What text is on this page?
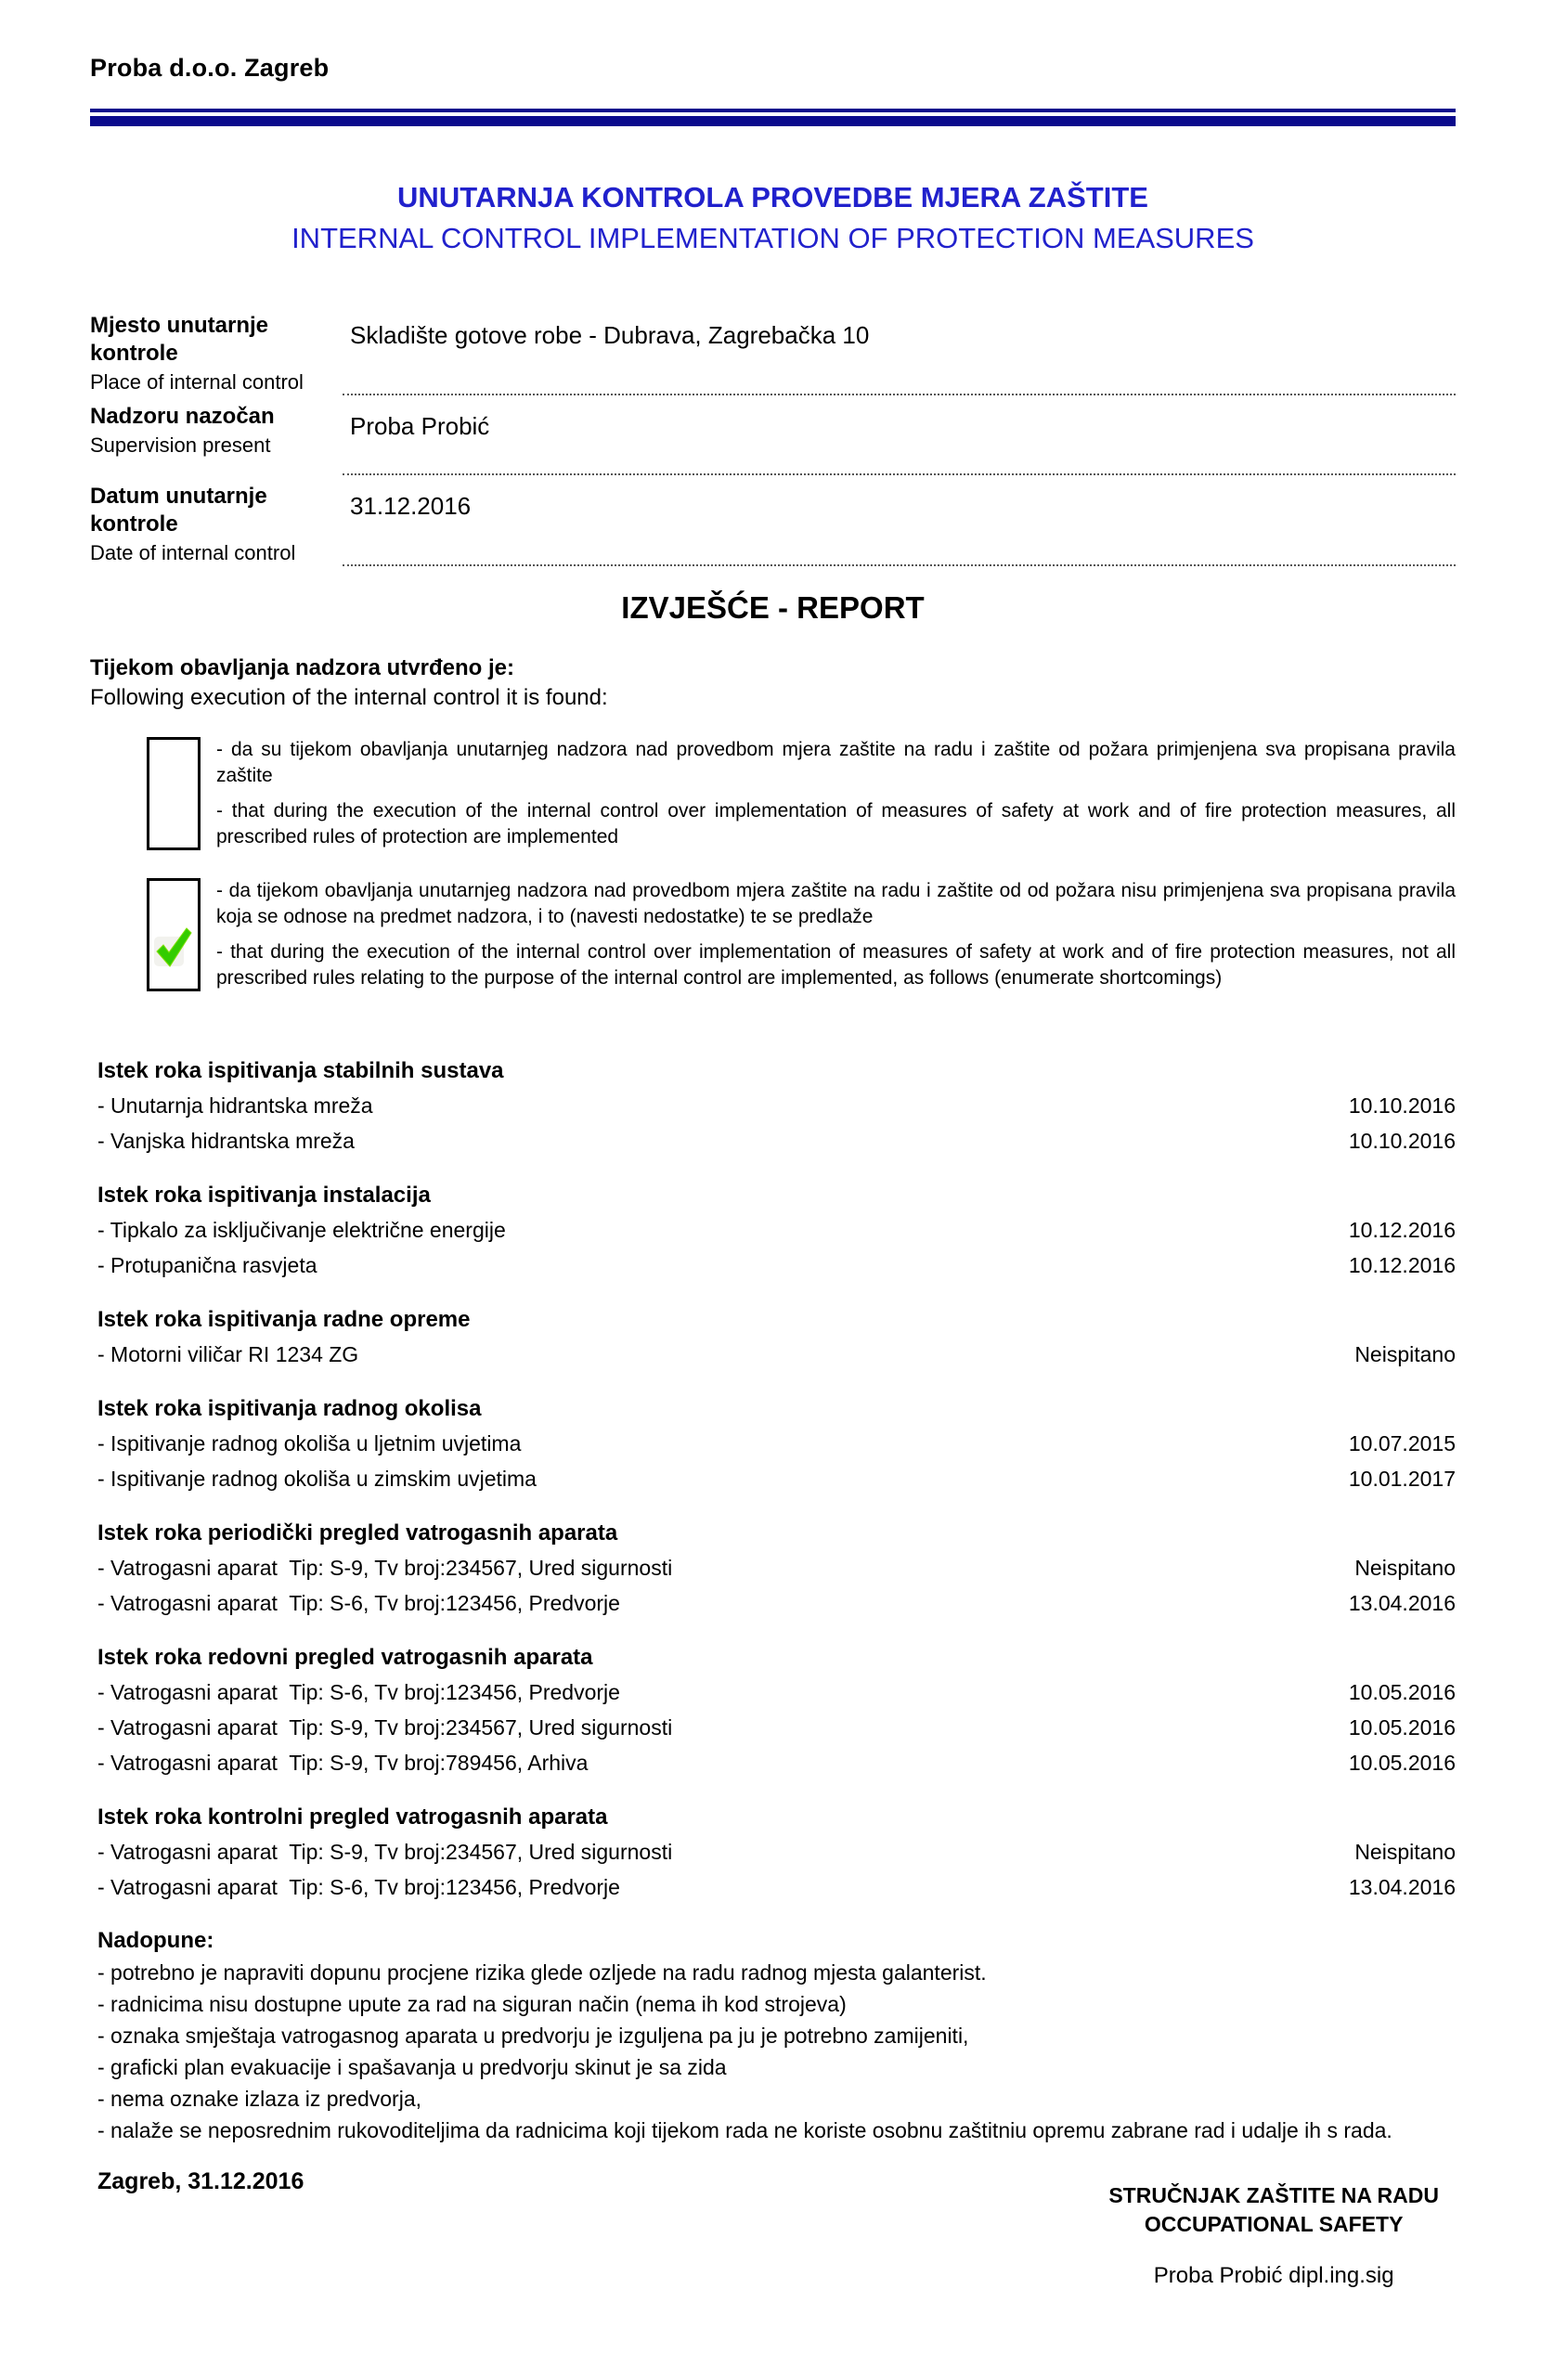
Proba d.o.o. Zagreb
UNUTARNJA KONTROLA PROVEDBE MJERA ZAŠTITE
INTERNAL CONTROL IMPLEMENTATION OF PROTECTION MEASURES
Mjesto unutarnje kontrole
Place of internal control
Skladište gotove robe - Dubrava, Zagrebačka 10
Nadzoru nazočan
Supervision present
Proba Probić
Datum unutarnje kontrole
Date of internal control
31.12.2016
IZVJEŠĆE - REPORT
Tijekom obavljanja nadzora utvrđeno je:
Following execution of the internal control it is found:

- da su tijekom obavljanja unutarnjeg nadzora nad provedbom mjera zaštite na radu i zaštite od požara primjenjena sva propisana pravila zaštite

- that during the execution of the internal control over implementation of measures of safety at work and of fire protection measures, all prescribed rules of protection are implemented

- da tijekom obavljanja unutarnjeg nadzora nad provedbom mjera zaštite na radu i zaštite od od požara nisu primjenjena sva propisana pravila koja se odnose na predmet nadzora, i to (navesti nedostatke) te se predlaže

- that during the execution of the internal control over implementation of measures of safety at work and of fire protection measures, not all prescribed rules relating to the purpose of the internal control are implemented, as follows (enumerate shortcomings)

Istek roka ispitivanja stabilnih sustava
- Unutarnja hidrantska mreža	10.10.2016
- Vanjska hidrantska mreža	10.10.2016
Istek roka ispitivanja instalacija
- Tipkalo za isključivanje električne energije	10.12.2016
- Protupanična rasvjeta	10.12.2016
Istek roka ispitivanja radne opreme
- Motorni viličar RI 1234 ZG	Neispitano
Istek roka ispitivanja radnog okolisa
- Ispitivanje radnog okoliša u ljetnim uvjetima	10.07.2015
- Ispitivanje radnog okoliša u zimskim uvjetima	10.01.2017
Istek roka periodički pregled vatrogasnih aparata
- Vatrogasni aparat  Tip: S-9, Tv broj:234567, Ured sigurnosti	Neispitano
- Vatrogasni aparat  Tip: S-6, Tv broj:123456, Predvorje	13.04.2016
Istek roka redovni pregled vatrogasnih aparata
- Vatrogasni aparat  Tip: S-6, Tv broj:123456, Predvorje	10.05.2016
- Vatrogasni aparat  Tip: S-9, Tv broj:234567, Ured sigurnosti	10.05.2016
- Vatrogasni aparat  Tip: S-9, Tv broj:789456, Arhiva	10.05.2016
Istek roka kontrolni pregled vatrogasnih aparata
- Vatrogasni aparat  Tip: S-9, Tv broj:234567, Ured sigurnosti	Neispitano
- Vatrogasni aparat  Tip: S-6, Tv broj:123456, Predvorje	13.04.2016
Nadopune:
- potrebno je napraviti dopunu procjene rizika glede ozljede na radu radnog mjesta galanterist.
- radnicima nisu dostupne upute za rad na siguran način (nema ih kod strojeva)
- oznaka smještaja vatrogasnog aparata u predvorju je izguljena pa ju je potrebno zamijeniti,
- graficki plan evakuacije i spašavanja u predvorju skinut je sa zida
- nema oznake izlaza iz predvorja,
- nalaže se neposrednim rukovoditeljima da radnicima koji tijekom rada ne koriste osobnu zaštitniu opremu zabrane rad i udalje ih s rada.
Zagreb, 31.12.2016
STRUČNJAK ZAŠTITE NA RADU
OCCUPATIONAL SAFETY
Proba Probić dipl.ing.sig
